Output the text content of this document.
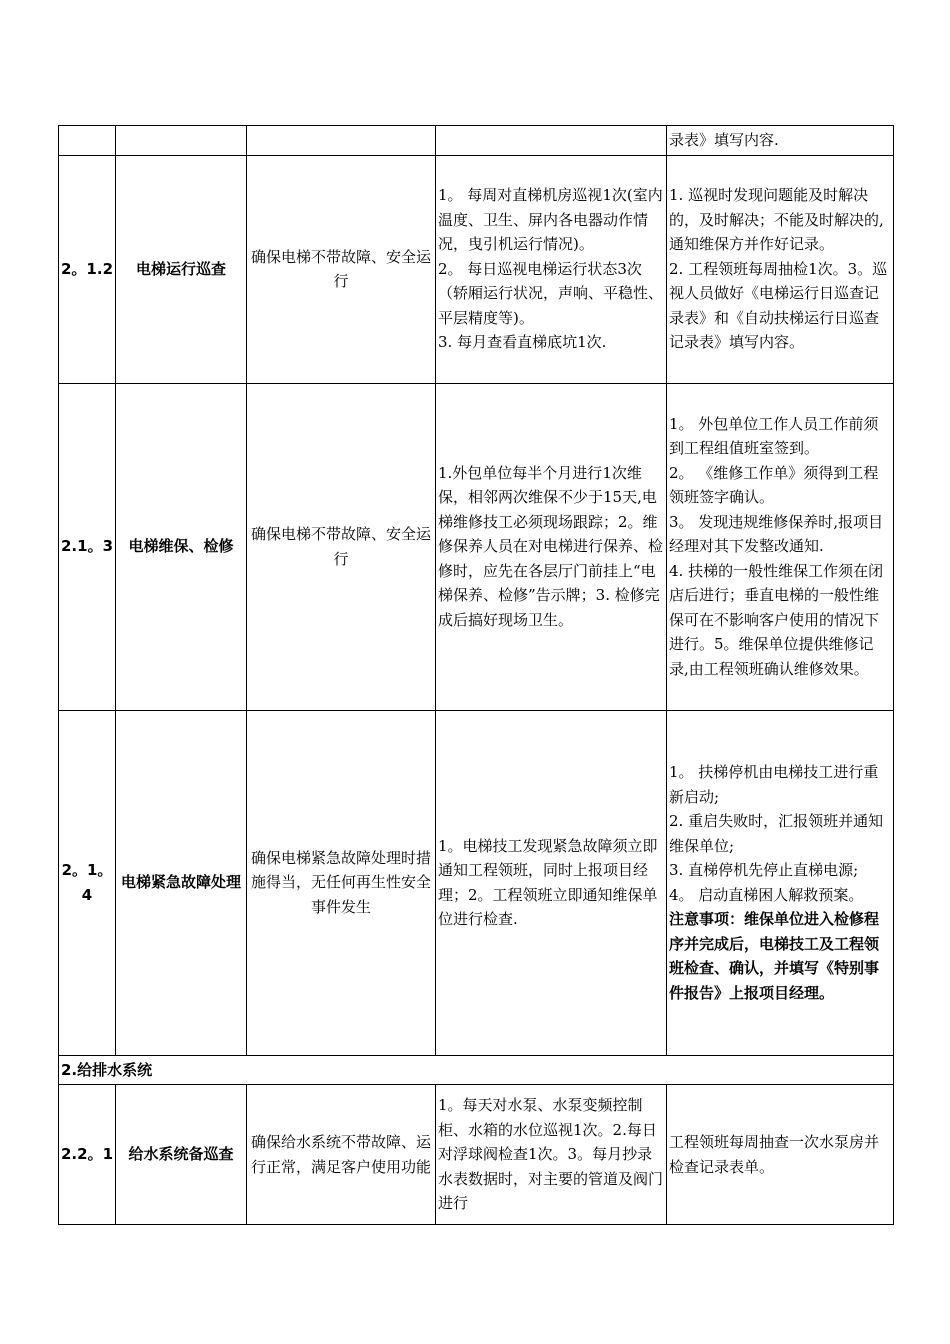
				录表》填写内容.

2。1.2	电梯运行巡查	确保电梯不带故障、安全运行	1。 每周对直梯机房巡视1次(室内温度、卫生、屏内各电器动作情况，曳引机运行情况)。
2。 每日巡视电梯运行状态3次（轿厢运行状况，声响、平稳性、平层精度等)。
3. 每月查看直梯底坑1次.	1. 巡视时发现问题能及时解决的，及时解决；不能及时解决的,通知维保方并作好记录。
2. 工程领班每周抽检1次。3。巡视人员做好《电梯运行日巡查记录表》和《自动扶梯运行日巡查记录表》填写内容。

2.1。3	电梯维保、检修	确保电梯不带故障、安全运行	1.外包单位每半个月进行1次维保，相邻两次维保不少于15天,电梯维修技工必须现场跟踪；2。维修保养人员在对电梯进行保养、检修时，应先在各层厅门前挂上“电梯保养、检修”告示牌；3. 检修完成后搞好现场卫生。	1。 外包单位工作人员工作前须到工程组值班室签到。
2。 《维修工作单》须得到工程领班签字确认。
3。 发现违规维修保养时,报项目经理对其下发整改通知.
4. 扶梯的一般性维保工作须在闭店后进行；垂直电梯的一般性维保可在不影响客户使用的情况下进行。5。维保单位提供维修记录,由工程领班确认维修效果。

2。1。4	电梯紧急故障处理	确保电梯紧急故障处理时措施得当，无任何再生性安全事件发生	1。电梯技工发现紧急故障须立即通知工程领班，同时上报项目经理；2。工程领班立即通知维保单位进行检查.	1。 扶梯停机由电梯技工进行重新启动;
2. 重启失败时，汇报领班并通知维保单位;
3. 直梯停机先停止直梯电源;
4。 启动直梯困人解救预案。
注意事项：维保单位进入检修程序并完成后，电梯技工及工程领班检查、确认，并填写《特别事件报告》上报项目经理。

2.给排水系统				
2.2。1	给水系统备巡查	确保给水系统不带故障、运行正常，满足客户使用功能	1。每天对水泵、水泵变频控制柜、水箱的水位巡视1次。2.每日对浮球阀检查1次。3。每月抄录水表数据时，对主要的管道及阀门进行	工程领班每周抽查一次水泵房并检查记录表单。
